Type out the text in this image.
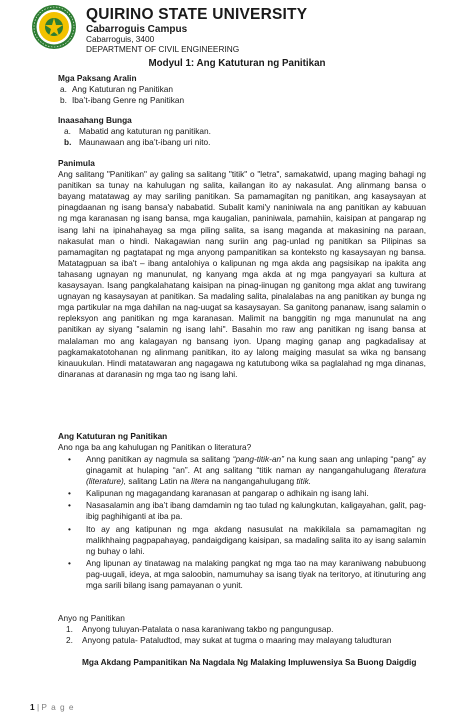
QUIRINO STATE UNIVERSITY
Cabarroguis Campus
Cabarroguis, 3400
DEPARTMENT OF CIVIL ENGINEERING
Modyul 1: Ang Katuturan ng Panitikan
Mga Paksang Aralin
a. Ang Katuturan ng Panitikan
b. Iba’t-ibang Genre ng Panitikan
Inaasahang Bunga
a. Mabatid ang katuturan ng panitikan.
b. Maunawaan ang iba’t-ibang uri nito.
Panimula
Ang salitang "Panitikan" ay galing sa salitang "titik" o "letra", samakatwid, upang maging bahagi ng panitikan sa tunay na kahulugan ng salita, kailangan ito ay nakasulat. Ang alinmang bansa o bayang matatawag ay may sariling panitikan. Sa pamamagitan ng panitikan, ang kasaysayan at pinagdaanan ng isang bansa'y nababatid. Subalit kami'y naniniwala na ang panitikan ay kabuuan ng mga karanasan ng isang bansa, mga kaugalian, paniniwala, pamahiin, kaisipan at pangarap ng isang lahi na ipinahahayag sa mga piling salita, sa isang maganda at makasining na paraan, nakasulat man o hindi. Nakagawian nang suriin ang pag-unlad ng panitikan sa Pilipinas sa pamamagitan ng pagtatapat ng mga anyong pampanitikan sa konteksto ng kasaysayan ng bansa. Matatagpuan sa iba't – ibang antalohiya o kalipunan ng mga akda ang pagsisikap na ipakita ang tahasang ugnayan ng manunulat, ng kanyang mga akda at ng mga pangyayari sa kultura at kasaysayan. Isang pangkalahatang kaisipan na pinag-iinugan ng ganitong mga aklat ang tuwirang ugnayan ng kasaysayan at panitikan. Sa madaling salita, pinalalabas na ang panitikan ay bunga ng mga partikular na mga dahilan na nag-uugat sa kasaysayan. Sa ganitong pananaw, isang salamin o repleksyon ang panitikan ng mga karanasan. Malimit na banggitin ng mga manunulat na ang panitikan ay siyang "salamin ng isang lahi". Basahin mo raw ang panitikan ng isang bansa at malalaman mo ang kalagayan ng bansang iyon. Upang maging ganap ang pagkadalisay at pagkamakatotohanan ng alinmang panitikan, ito ay lalong maiging masulat sa wika ng bansang kinauukulan. Hindi matatawaran ang nagagawa ng katutubong wika sa paglalahad ng mga dinanas, dinaranas at daranasin ng mga tao ng isang lahi.
Ang Katuturan ng Panitikan
Ano nga ba ang kahulugan ng Panitikan o literatura?
• Anng panitikan ay nagmula sa salitang “pang-titik-an” na kung saan ang unlaping “pang” ay ginagamit at hulaping “an”. At ang salitang “titik naman ay nangangahulugang literatura (literature), salitang Latin na litera na nangangahulugang titik.
• Kalipunan ng magagandang karanasan at pangarap o adhikain ng isang lahi.
• Nasasalamin ang iba’t ibang damdamin ng tao tulad ng kalungkutan, kaligayahan, galit, pag-ibig paghihiganti at iba pa.
• Ito ay ang katipunan ng mga akdang nasusulat na makikilala sa pamamagitan ng malikhhaing pagpapahayag, pandaigdigang kaisipan, sa madaling salita ito ay isang salamin ng buhay o lahi.
• Ang lipunan ay tinatawag na malaking pangkat ng mga tao na may karaniwang nabubuong pag-uugali, ideya, at mga saloobin, namumuhay sa isang tiyak na teritoryo, at itinuturing ang mga sarili bilang isang pamayanan o yunit.
Anyo ng Panitikan
1. Anyong tuluyan-Patalata o nasa karaniwang takbo ng pangungusap.
2. Anyong patula- Pataludtod, may sukat at tugma o maaring may malayang taludturan
Mga Akdang Pampanitikan Na Nagdala Ng Malaking Impluwensiya Sa Buong Daigdig
1 | P a g e
